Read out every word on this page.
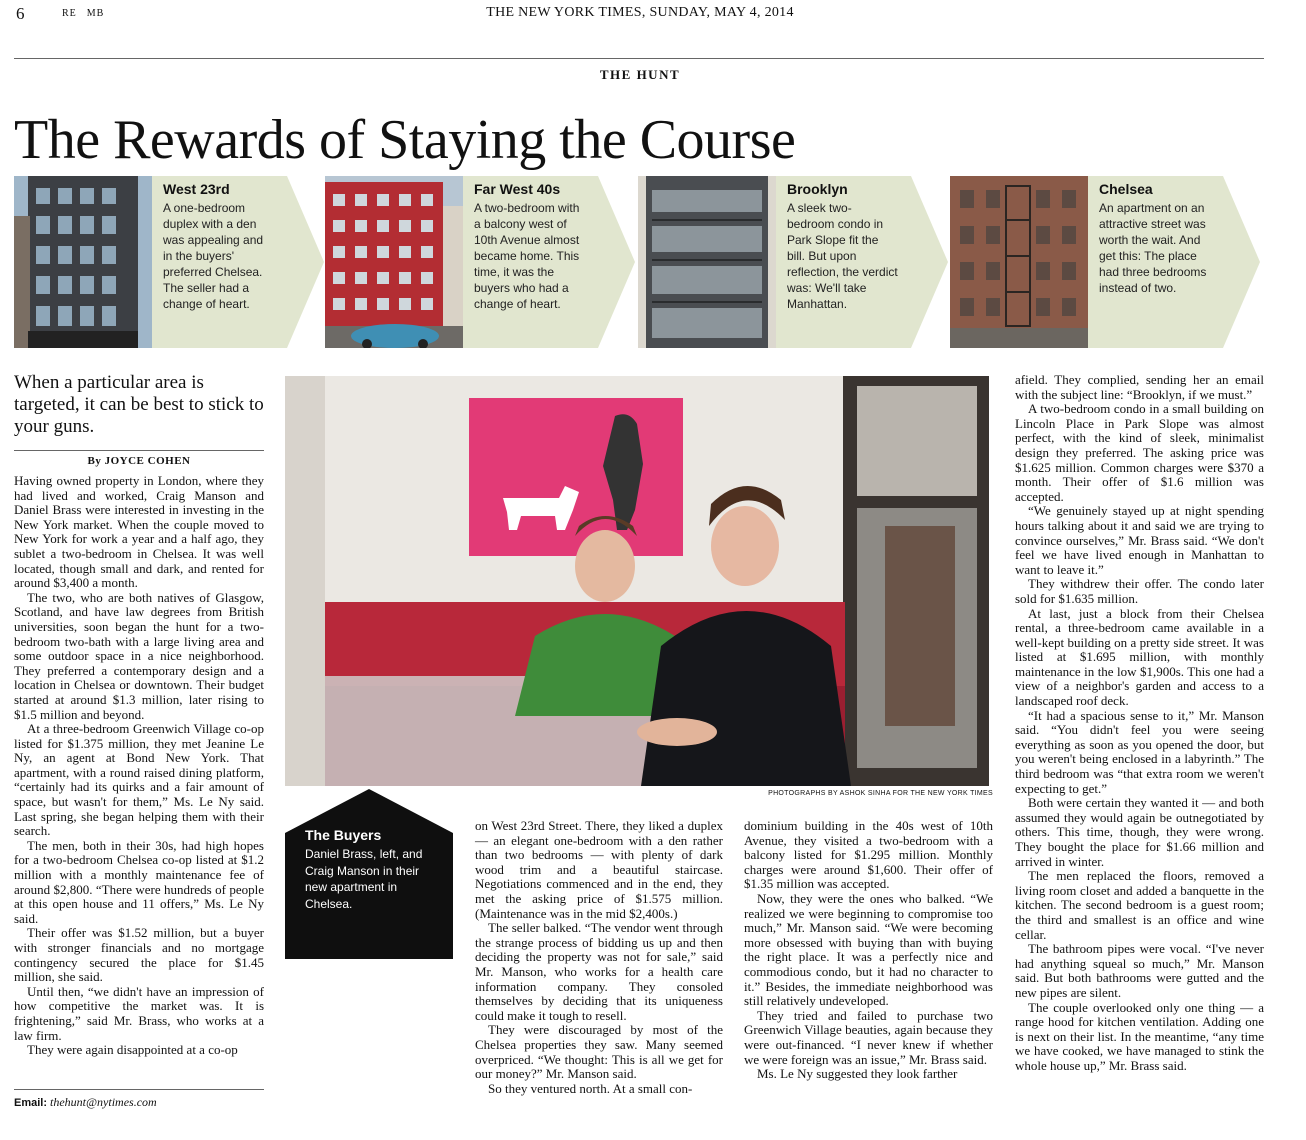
6	RE MB	THE NEW YORK TIMES, SUNDAY, MAY 4, 2014
THE HUNT
The Rewards of Staying the Course
West 23rd
A one-bedroom duplex with a den was appealing and in the buyers' preferred Chelsea. The seller had a change of heart.
Far West 40s
A two-bedroom with a balcony west of 10th Avenue almost became home. This time, it was the buyers who had a change of heart.
Brooklyn
A sleek two-bedroom condo in Park Slope fit the bill. But upon reflection, the verdict was: We'll take Manhattan.
Chelsea
An apartment on an attractive street was worth the wait. And get this: The place had three bedrooms instead of two.
When a particular area is targeted, it can be best to stick to your guns.
By JOYCE COHEN

Having owned property in London, where they had lived and worked, Craig Manson and Daniel Brass were interested in investing in the New York market. When the couple moved to New York for work a year and a half ago, they sublet a two-bedroom in Chelsea. It was well located, though small and dark, and rented for around $3,400 a month.

The two, who are both natives of Glasgow, Scotland, and have law degrees from British universities, soon began the hunt for a two-bedroom two-bath with a large living area and some outdoor space in a nice neighborhood. They preferred a contemporary design and a location in Chelsea or downtown. Their budget started at around $1.3 million, later rising to $1.5 million and beyond.

At a three-bedroom Greenwich Village co-op listed for $1.375 million, they met Jeanine Le Ny, an agent at Bond New York. That apartment, with a round raised dining platform, “certainly had its quirks and a fair amount of space, but wasn't for them,” Ms. Le Ny said. Last spring, she began helping them with their search.

The men, both in their 30s, had high hopes for a two-bedroom Chelsea co-op listed at $1.2 million with a monthly maintenance fee of around $2,800. “There were hundreds of people at this open house and 11 offers,” Ms. Le Ny said.

Their offer was $1.52 million, but a buyer with stronger financials and no mortgage contingency secured the place for $1.45 million, she said.

Until then, “we didn't have an impression of how competitive the market was. It is frightening,” said Mr. Brass, who works at a law firm.

They were again disappointed at a co-op

Email: thehunt@nytimes.com
PHOTOGRAPHS BY ASHOK SINHA FOR THE NEW YORK TIMES
The Buyers
Daniel Brass, left, and Craig Manson in their new apartment in Chelsea.

on West 23rd Street. There, they liked a duplex — an elegant one-bedroom with a den rather than two bedrooms — with plenty of dark wood trim and a beautiful staircase. Negotiations commenced and in the end, they met the asking price of $1.575 million. (Maintenance was in the mid $2,400s.)

The seller balked. “The vendor went through the strange process of bidding us up and then deciding the property was not for sale,” said Mr. Manson, who works for a health care information company. They consoled themselves by deciding that its uniqueness could make it tough to resell.

They were discouraged by most of the Chelsea properties they saw. Many seemed overpriced. “We thought: This is all we get for our money?” Mr. Manson said.

So they ventured north. At a small con-

dominium building in the 40s west of 10th Avenue, they visited a two-bedroom with a balcony listed for $1.295 million. Monthly charges were around $1,600. Their offer of $1.35 million was accepted.

Now, they were the ones who balked. “We realized we were beginning to compromise too much,” Mr. Manson said. “We were becoming more obsessed with buying than with buying the right place. It was a perfectly nice and commodious condo, but it had no character to it.” Besides, the immediate neighborhood was still relatively undeveloped.

They tried and failed to purchase two Greenwich Village beauties, again because they were out-financed. “I never knew if whether we were foreign was an issue,” Mr. Brass said.

Ms. Le Ny suggested they look farther

afield. They complied, sending her an email with the subject line: “Brooklyn, if we must.”

A two-bedroom condo in a small building on Lincoln Place in Park Slope was almost perfect, with the kind of sleek, minimalist design they preferred. The asking price was $1.625 million. Common charges were $370 a month. Their offer of $1.6 million was accepted.

“We genuinely stayed up at night spending hours talking about it and said we are trying to convince ourselves,” Mr. Brass said. “We don't feel we have lived enough in Manhattan to want to leave it.”

They withdrew their offer. The condo later sold for $1.635 million.

At last, just a block from their Chelsea rental, a three-bedroom came available in a well-kept building on a pretty side street. It was listed at $1.695 million, with monthly maintenance in the low $1,900s. This one had a view of a neighbor's garden and access to a landscaped roof deck.

“It had a spacious sense to it,” Mr. Manson said. “You didn't feel you were seeing everything as soon as you opened the door, but you weren't being enclosed in a labyrinth.” The third bedroom was “that extra room we weren't expecting to get.”

Both were certain they wanted it — and both assumed they would again be outnegotiated by others. This time, though, they were wrong. They bought the place for $1.66 million and arrived in winter.

The men replaced the floors, removed a living room closet and added a banquette in the kitchen. The second bedroom is a guest room; the third and smallest is an office and wine cellar.

The bathroom pipes were vocal. “I've never had anything squeal so much,” Mr. Manson said. But both bathrooms were gutted and the new pipes are silent.

The couple overlooked only one thing — a range hood for kitchen ventilation. Adding one is next on their list. In the meantime, “any time we have cooked, we have managed to stink the whole house up,” Mr. Brass said.
